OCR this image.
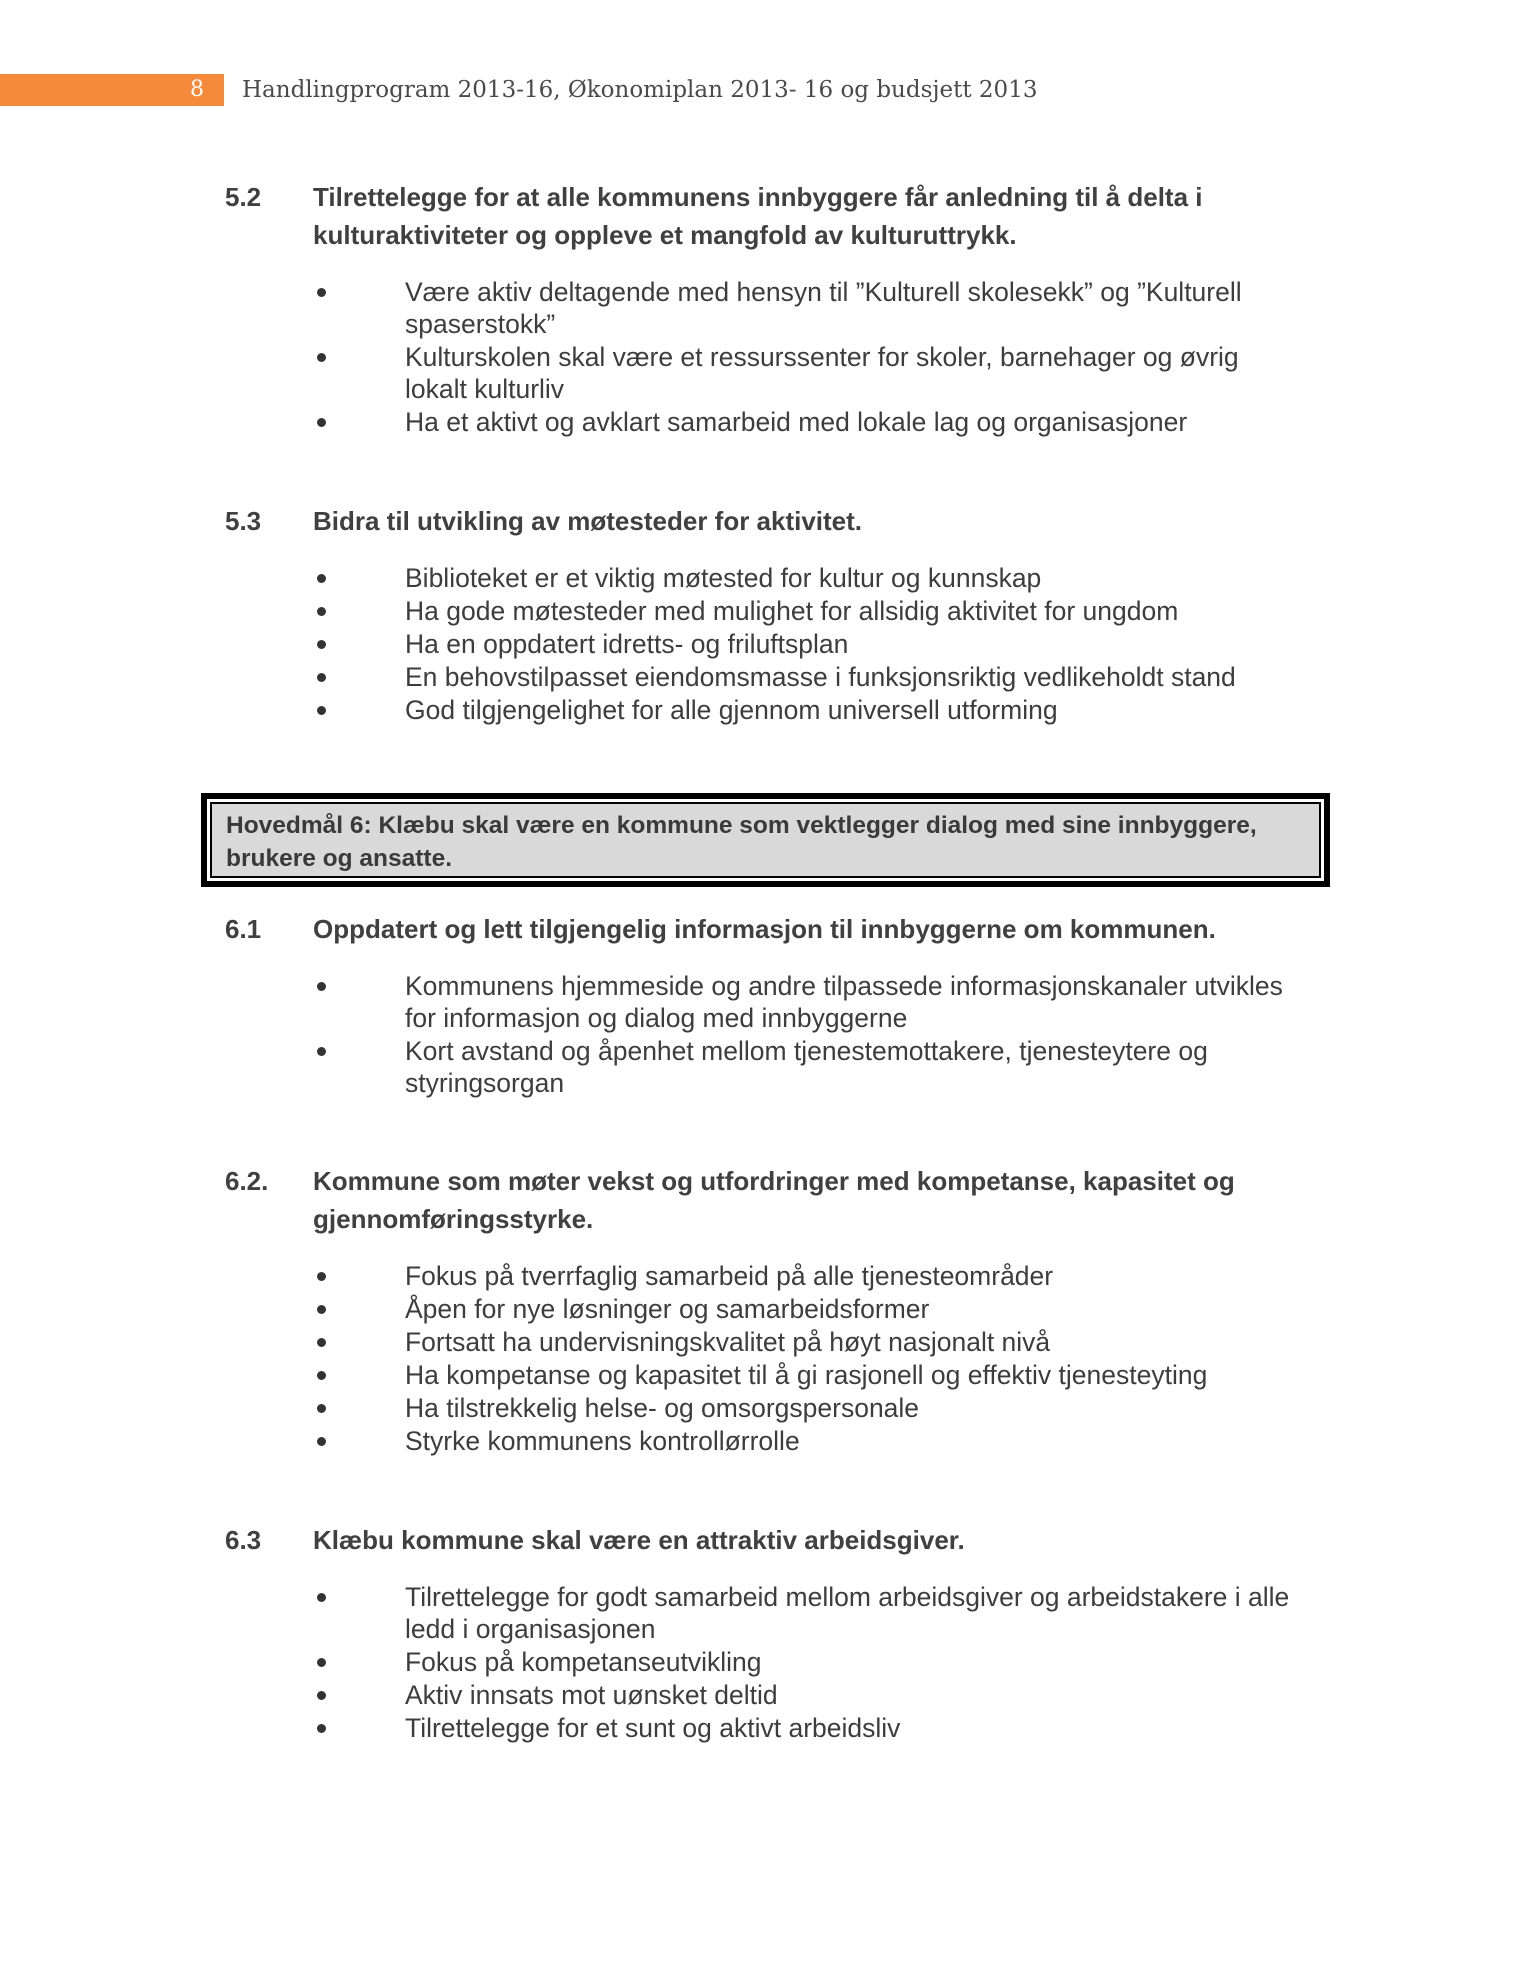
8 Handlingprogram 2013-16, Økonomiplan 2013- 16 og budsjett 2013
5.2	Tilrettelegge for at alle kommunens innbyggere får anledning til å delta i kulturaktiviteter og oppleve et mangfold av kulturuttrykk.
Være aktiv deltagende med hensyn til ”Kulturell skolesekk” og ”Kulturell spaserstokk”
Kulturskolen skal være et ressurssenter for skoler, barnehager og øvrig lokalt kulturliv
Ha et aktivt og avklart samarbeid med lokale lag og organisasjoner
5.3	Bidra til utvikling av møtesteder for aktivitet.
Biblioteket er et viktig møtested for kultur og kunnskap
Ha gode møtesteder med mulighet for allsidig aktivitet for ungdom
Ha en oppdatert idretts- og friluftsplan
En behovstilpasset eiendomsmasse i funksjonsriktig vedlikeholdt stand
God tilgjengelighet for alle gjennom universell utforming
Hovedmål 6: Klæbu skal være en kommune som vektlegger dialog med sine innbyggere, brukere og ansatte.
6.1	Oppdatert og lett tilgjengelig informasjon til innbyggerne om kommunen.
Kommunens hjemmeside og andre tilpassede informasjonskanaler utvikles for informasjon og dialog med innbyggerne
Kort avstand og åpenhet mellom tjenestemottakere, tjenesteytere og styringsorgan
6.2.	Kommune som møter vekst og utfordringer med kompetanse, kapasitet og gjennomføringsstyrke.
Fokus på tverrfaglig samarbeid på alle tjenesteområder
Åpen for nye løsninger og samarbeidsformer
Fortsatt ha undervisningskvalitet på høyt nasjonalt nivå
Ha kompetanse og kapasitet til å gi rasjonell og effektiv tjenesteyting
Ha tilstrekkelig helse- og omsorgspersonale
Styrke kommunens kontrollørrolle
6.3	Klæbu kommune skal være en attraktiv arbeidsgiver.
Tilrettelegge for godt samarbeid mellom arbeidsgiver og arbeidstakere i alle ledd i organisasjonen
Fokus på kompetanseutvikling
Aktiv innsats mot uønsket deltid
Tilrettelegge for et sunt og aktivt arbeidsliv
